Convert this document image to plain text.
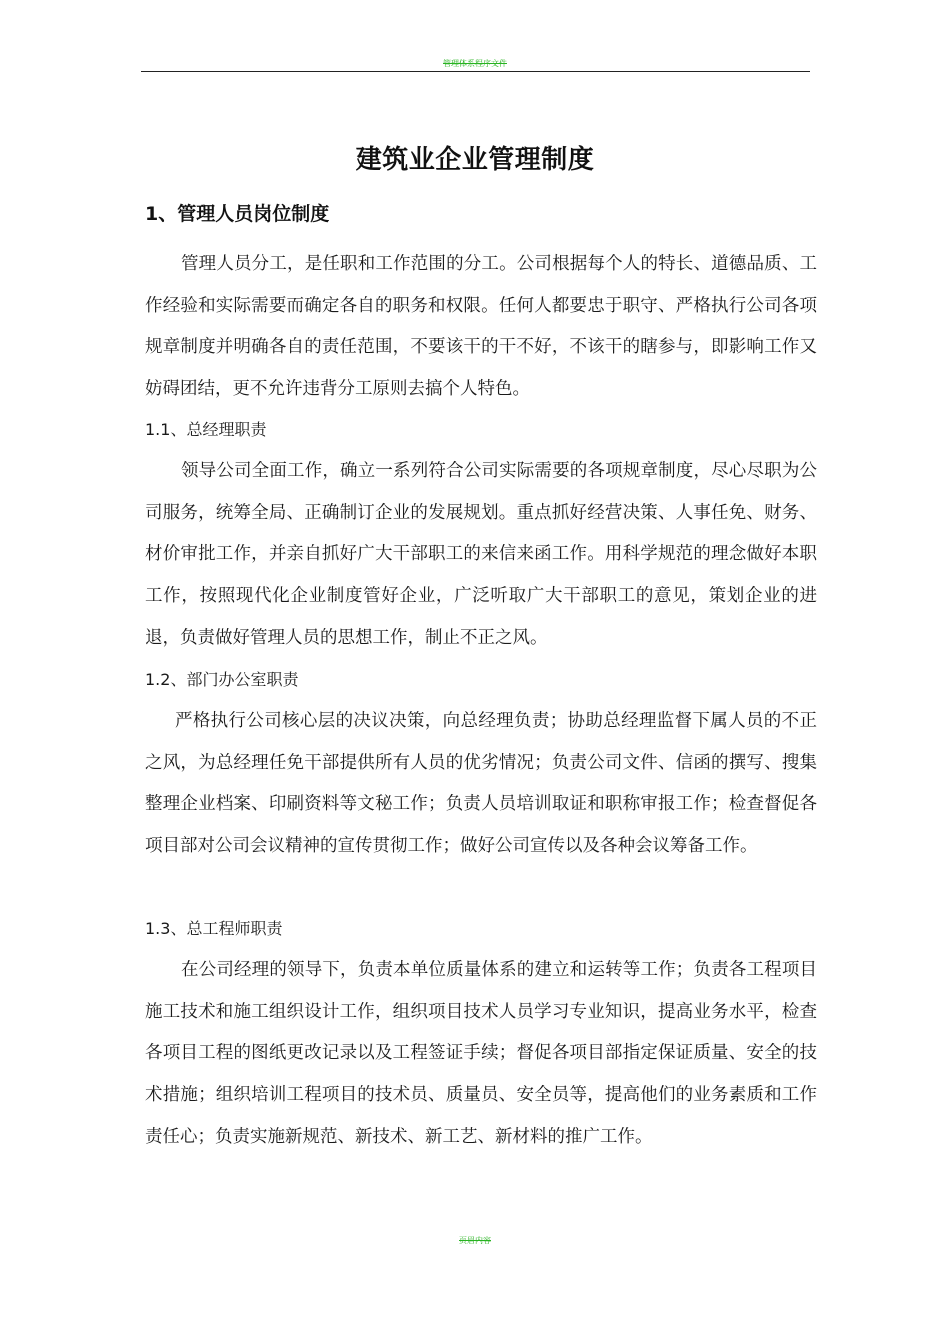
管理体系程序文件
建筑业企业管理制度
1、管理人员岗位制度

管理人员分工，是任职和工作范围的分工。公司根据每个人的特长、道德品质、工作经验和实际需要而确定各自的职务和权限。任何人都要忠于职守、严格执行公司各项规章制度并明确各自的责任范围，不要该干的干不好，不该干的瞎参与，即影响工作又妨碍团结，更不允许违背分工原则去搞个人特色。

1.1、总经理职责

领导公司全面工作，确立一系列符合公司实际需要的各项规章制度，尽心尽职为公司服务，统筹全局、正确制订企业的发展规划。重点抓好经营决策、人事任免、财务、材价审批工作，并亲自抓好广大干部职工的来信来函工作。用科学规范的理念做好本职工作，按照现代化企业制度管好企业，广泛听取广大干部职工的意见，策划企业的进退，负责做好管理人员的思想工作，制止不正之风。

1.2、部门办公室职责

严格执行公司核心层的决议决策，向总经理负责；协助总经理监督下属人员的不正之风，为总经理任免干部提供所有人员的优劣情况；负责公司文件、信函的撰写、搜集整理企业档案、印刷资料等文秘工作；负责人员培训取证和职称审报工作；检查督促各项目部对公司会议精神的宣传贯彻工作；做好公司宣传以及各种会议筹备工作。

1.3、总工程师职责

在公司经理的领导下，负责本单位质量体系的建立和运转等工作；负责各工程项目施工技术和施工组织设计工作，组织项目技术人员学习专业知识，提高业务水平，检查各项目工程的图纸更改记录以及工程签证手续；督促各项目部指定保证质量、安全的技术措施；组织培训工程项目的技术员、质量员、安全员等，提高他们的业务素质和工作责任心；负责实施新规范、新技术、新工艺、新材料的推广工作。

页眉内容
